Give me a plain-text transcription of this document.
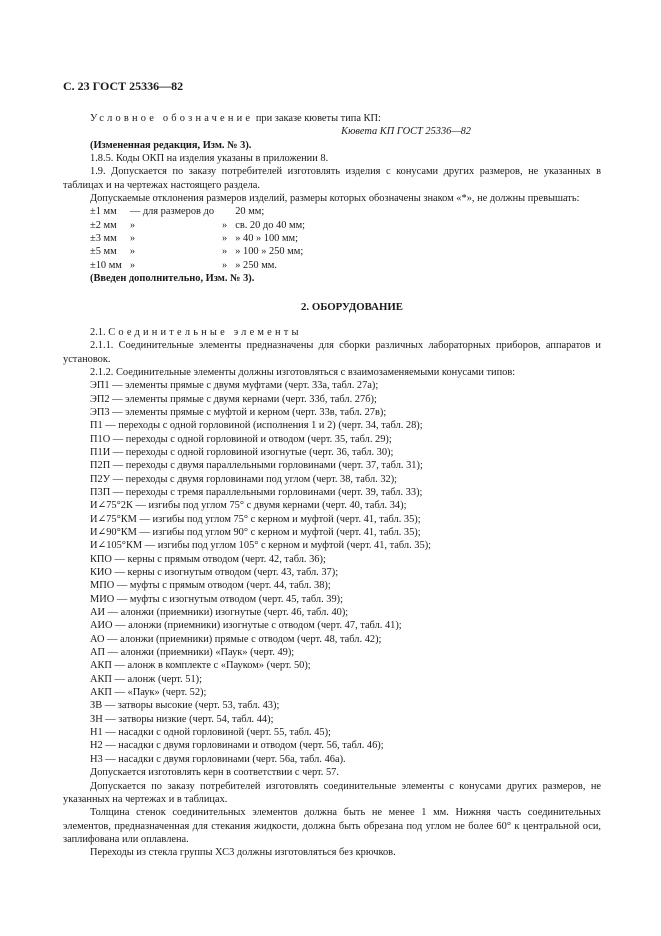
С. 23 ГОСТ 25336—82

Условное обозначение при заказе кюветы типа КП:

Кювета КП ГОСТ 25336—82

(Измененная редакция, Изм. № 3).

1.8.5. Коды ОКП на изделия указаны в приложении 8.

1.9. Допускается по заказу потребителей изготовлять изделия с конусами других размеров, не указанных в таблицах и на чертежах настоящего раздела.

Допускаемые отклонения размеров изделий, размеры которых обозначены знаком «*», не должны превышать:

±1 мм	— для размеров до		20 мм;
±2 мм	»	»	св. 20 до 40 мм;
±3 мм	»	»	» 40 » 100 мм;
±5 мм	»	»	» 100 » 250 мм;
±10 мм	»	»	» 250 мм.

(Введен дополнительно, Изм. № 3).

2. ОБОРУДОВАНИЕ

2.1. Соединительные элементы

2.1.1. Соединительные элементы предназначены для сборки различных лабораторных приборов, аппаратов и установок.

2.1.2. Соединительные элементы должны изготовляться с взаимозаменяемыми конусами типов:

ЭП1 — элементы прямые с двумя муфтами (черт. 33а, табл. 27а);

ЭП2 — элементы прямые с двумя кернами (черт. 33б, табл. 27б);

ЭП3 — элементы прямые с муфтой и керном (черт. 33в, табл. 27в);

П1 — переходы с одной горловиной (исполнения 1 и 2) (черт. 34, табл. 28);

П1О — переходы с одной горловиной и отводом (черт. 35, табл. 29);

П1И — переходы с одной горловиной изогнутые (черт. 36, табл. 30);

П2П — переходы с двумя параллельными горловинами (черт. 37, табл. 31);

П2У — переходы с двумя горловинами под углом (черт. 38, табл. 32);

П3П — переходы с тремя параллельными горловинами (черт. 39, табл. 33);

И∠75°2К — изгибы под углом 75° с двумя кернами (черт. 40, табл. 34);

И∠75°КМ — изгибы под углом 75° с керном и муфтой (черт. 41, табл. 35);

И∠90°КМ — изгибы под углом 90° с керном и муфтой (черт. 41, табл. 35);

И∠105°КМ — изгибы под углом 105° с керном и муфтой (черт. 41, табл. 35);

КПО — керны с прямым отводом (черт. 42, табл. 36);

КИО — керны с изогнутым отводом (черт. 43, табл. 37);

МПО — муфты с прямым отводом (черт. 44, табл. 38);

МИО — муфты с изогнутым отводом (черт. 45, табл. 39);

АИ — алонжи (приемники) изогнутые (черт. 46, табл. 40);

АИО — алонжи (приемники) изогнутые с отводом (черт. 47, табл. 41);

АО — алонжи (приемники) прямые с отводом (черт. 48, табл. 42);

АП — алонжи (приемники) «Паук» (черт. 49);

АКП — алонж в комплекте с «Пауком» (черт. 50);

АКП — алонж (черт. 51);

АКП — «Паук» (черт. 52);

ЗВ — затворы высокие (черт. 53, табл. 43);

ЗН — затворы низкие (черт. 54, табл. 44);

Н1 — насадки с одной горловиной (черт. 55, табл. 45);

Н2 — насадки с двумя горловинами и отводом (черт. 56, табл. 46);

Н3 — насадки с двумя горловинами (черт. 56а, табл. 46а).

Допускается изготовлять керн в соответствии с черт. 57.

Допускается по заказу потребителей изготовлять соединительные элементы с конусами других размеров, не указанных на чертежах и в таблицах.

Толщина стенок соединительных элементов должна быть не менее 1 мм. Нижняя часть соединительных элементов, предназначенная для стекания жидкости, должна быть обрезана под углом не более 60° к центральной оси, заплифована или оплавлена.

Переходы из стекла группы ХС3 должны изготовляться без крючков.
